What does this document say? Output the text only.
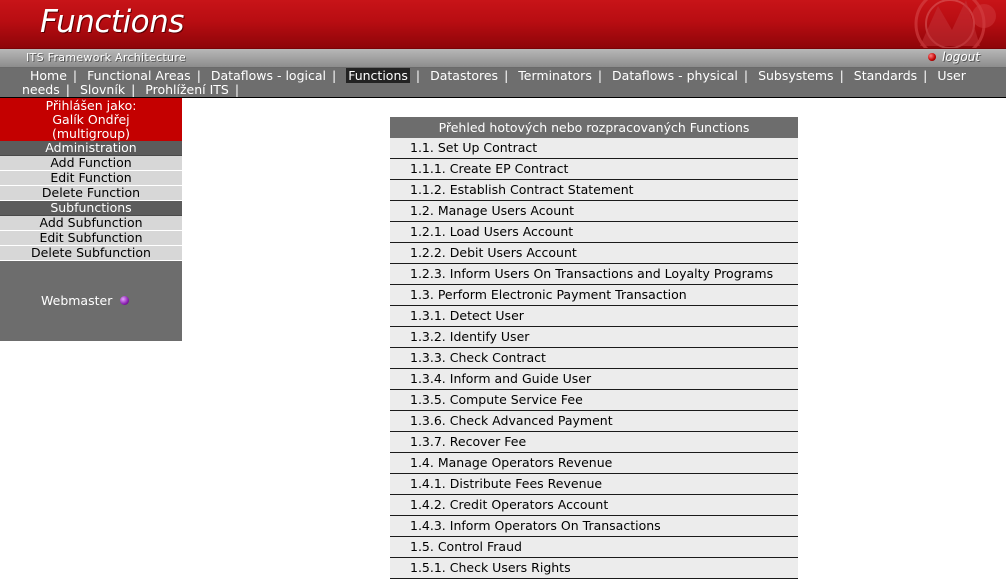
Functions
ITS Framework Architecture	logout
Home | Functional Areas | Dataflows - logical | Functions | Datastores | Terminators | Dataflows - physical | Subsystems | Standards | User needs | Slovník | Prohlížení ITS |
Přihlášen jako:
Galík Ondřej
(multigroup)
Administration
Add Function
Edit Function
Delete Function
Subfunctions
Add Subfunction
Edit Subfunction
Delete Subfunction
Webmaster
Přehled hotových nebo rozpracovaných Functions
1.1. Set Up Contract
1.1.1. Create EP Contract
1.1.2. Establish Contract Statement
1.2. Manage Users Acount
1.2.1. Load Users Account
1.2.2. Debit Users Account
1.2.3. Inform Users On Transactions and Loyalty Programs
1.3. Perform Electronic Payment Transaction
1.3.1. Detect User
1.3.2. Identify User
1.3.3. Check Contract
1.3.4. Inform and Guide User
1.3.5. Compute Service Fee
1.3.6. Check Advanced Payment
1.3.7. Recover Fee
1.4. Manage Operators Revenue
1.4.1. Distribute Fees Revenue
1.4.2. Credit Operators Account
1.4.3. Inform Operators On Transactions
1.5. Control Fraud
1.5.1. Check Users Rights
